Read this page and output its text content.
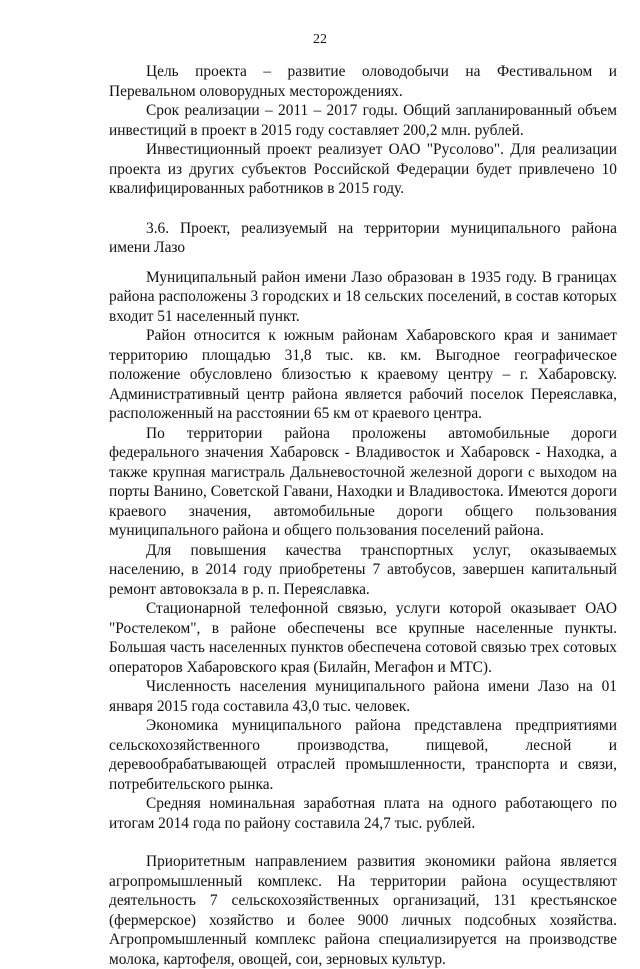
22

Цель проекта – развитие оловодобычи на Фестивальном и Перевальном оловорудных месторождениях.

Срок реализации – 2011 – 2017 годы. Общий запланированный объем инвестиций в проект в 2015 году составляет 200,2 млн. рублей.

Инвестиционный проект реализует ОАО "Русолово". Для реализации проекта из других субъектов Российской Федерации будет привлечено 10 квалифицированных работников в 2015 году.

3.6. Проект, реализуемый на территории муниципального района имени Лазо

Муниципальный район имени Лазо образован в 1935 году. В границах района расположены 3 городских и 18 сельских поселений, в состав которых входит 51 населенный пункт.

Район относится к южным районам Хабаровского края и занимает территорию площадью 31,8 тыс. кв. км. Выгодное географическое положение обусловлено близостью к краевому центру – г. Хабаровску. Административный центр района является рабочий поселок Переяславка, расположенный на расстоянии 65 км от краевого центра.

По территории района проложены автомобильные дороги федерального значения Хабаровск - Владивосток и Хабаровск - Находка, а также крупная магистраль Дальневосточной железной дороги с выходом на порты Ванино, Советской Гавани, Находки и Владивостока. Имеются дороги краевого значения, автомобильные дороги общего пользования муниципального района и общего пользования поселений района.

Для повышения качества транспортных услуг, оказываемых населению, в 2014 году приобретены 7 автобусов, завершен капитальный ремонт автовокзала в р. п. Переяславка.

Стационарной телефонной связью, услуги которой оказывает ОАО "Ростелеком", в районе обеспечены все крупные населенные пункты. Большая часть населенных пунктов обеспечена сотовой связью трех сотовых операторов Хабаровского края (Билайн, Мегафон и МТС).

Численность населения муниципального района имени Лазо на 01 января 2015 года составила 43,0 тыс. человек.

Экономика муниципального района представлена предприятиями сельскохозяйственного производства, пищевой, лесной и деревообрабатывающей отраслей промышленности, транспорта и связи, потребительского рынка.

Средняя номинальная заработная плата на одного работающего по итогам 2014 года по району составила 24,7 тыс. рублей.

Приоритетным направлением развития экономики района является агропромышленный комплекс. На территории района осуществляют деятельность 7 сельскохозяйственных организаций, 131 крестьянское (фермерское) хозяйство и более 9000 личных подсобных хозяйства. Агропромышленный комплекс района специализируется на производстве молока, картофеля, овощей, сои, зерновых культур.
